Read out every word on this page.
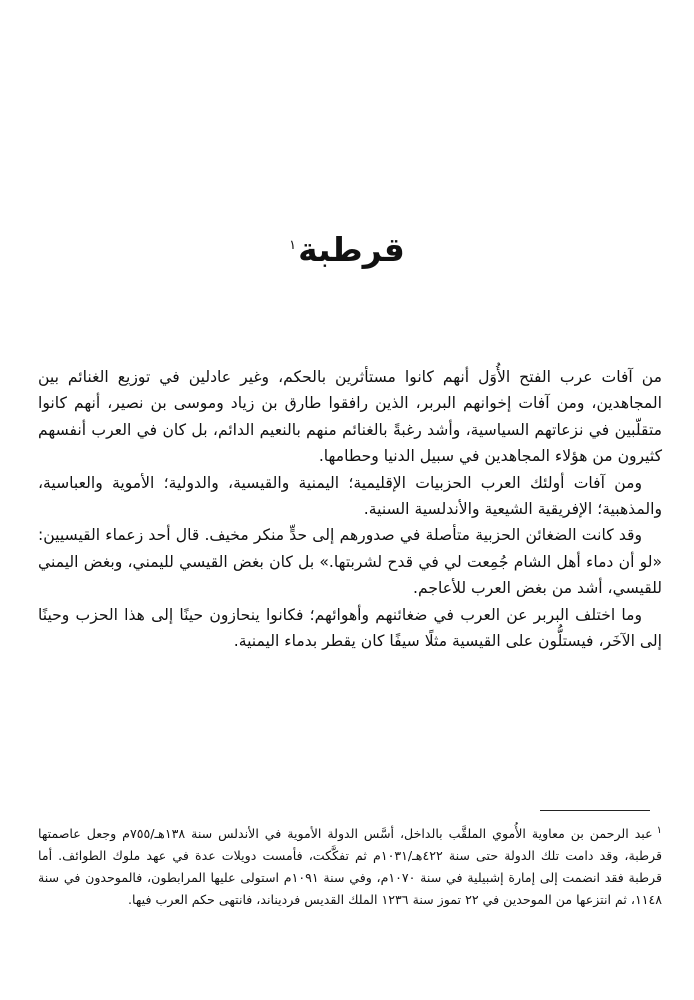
قرطبة$^١$

من آفات عرب الفتح الأُوَل أنهم كانوا مستأثرين بالحكم، وغير عادلين في توزيع الغنائم بين المجاهدين، ومن آفات إخوانهم البربر، الذين رافقوا طارق بن زياد وموسى بن نصير، أنهم كانوا متقلّبين في نزعاتهم السياسية، وأشد رغبةً بالغنائم منهم بالنعيم الدائم، بل كان في العرب أنفسهم كثيرون من هؤلاء المجاهدين في سبيل الدنيا وحطامها.

ومن آفات أولئك العرب الحزبيات الإقليمية؛ اليمنية والقيسية، والدولية؛ الأموية والعباسية، والمذهبية؛ الإفريقية الشيعية والأندلسية السنية.

وقد كانت الضغائن الحزبية متأصلة في صدورهم إلى حدٍّ منكر مخيف. قال أحد زعماء القيسيين: «لو أن دماء أهل الشام جُمِعت لي في قدح لشربتها.» بل كان بغض القيسي لليمني، وبغض اليمني للقيسي، أشد من بغض العرب للأعاجم.

وما اختلف البربر عن العرب في ضغائنهم وأهوائهم؛ فكانوا ينحازون حينًا إلى هذا الحزب وحينًا إلى الآخَر، فيستلُّون على القيسية مثلًا سيفًا كان يقطر بدماء اليمنية.

$^١$عبد الرحمن بن معاوية الأُموي الملقَّب بالداخل، أسَّس الدولة الأموية في الأندلس سنة ١٣٨هـ/٧٥٥م وجعل عاصمتها قرطبة، وقد دامت تلك الدولة حتى سنة ٤٢٢هـ/١٠٣١م ثم تفكَّكت، فأمست دويلات عدة في عهد ملوك الطوائف. أما قرطبة فقد انضمت إلى إمارة إشبيلية في سنة ١٠٧٠م، وفي سنة ١٠٩١م استولى عليها المرابطون، فالموحدون في سنة ١١٤٨، ثم انتزعها من الموحدين في ٢٢ تموز سنة ١٢٣٦ الملك القديس فرديناند، فانتهى حكم العرب فيها.
